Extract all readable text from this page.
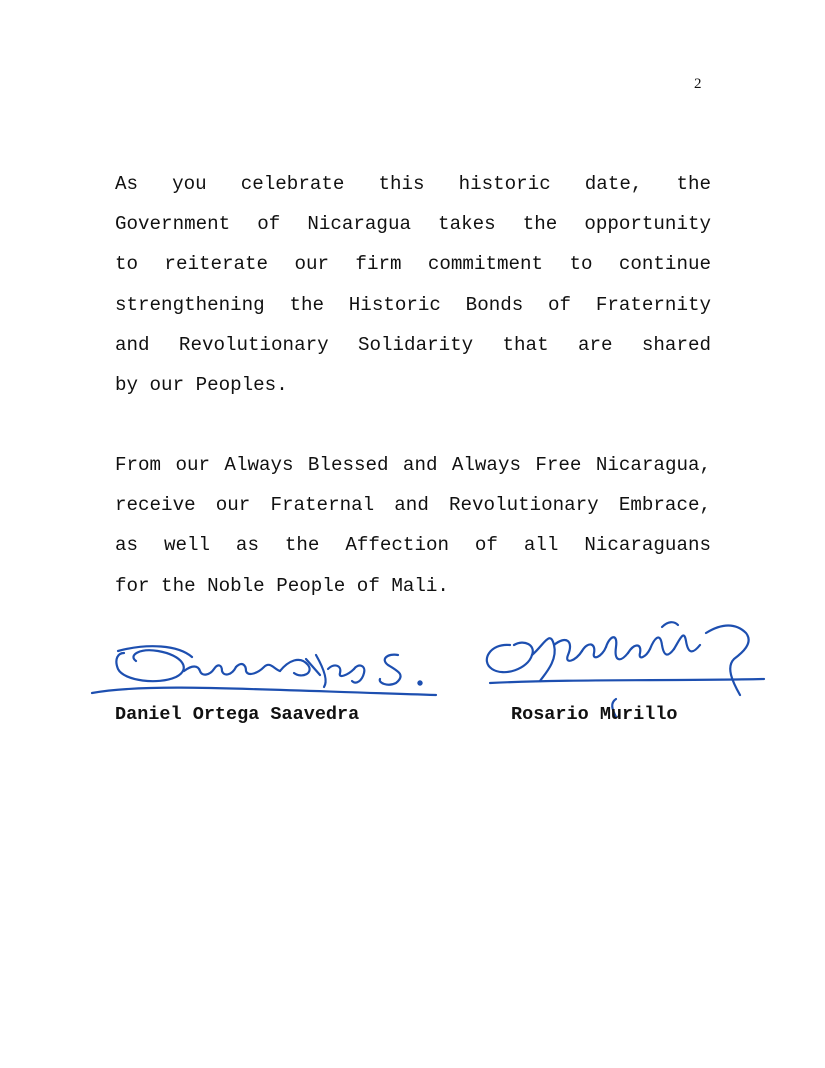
2
As you celebrate this historic date, the
Government of Nicaragua takes the opportunity
to reiterate our firm commitment to continue
strengthening the Historic Bonds of Fraternity
and Revolutionary Solidarity that are shared
by our Peoples.
From our Always Blessed and Always Free Nicaragua,
receive our Fraternal and Revolutionary Embrace,
as well as the Affection of all Nicaraguans
for the Noble People of Mali.
Daniel Ortega Saavedra	Rosario Murillo
